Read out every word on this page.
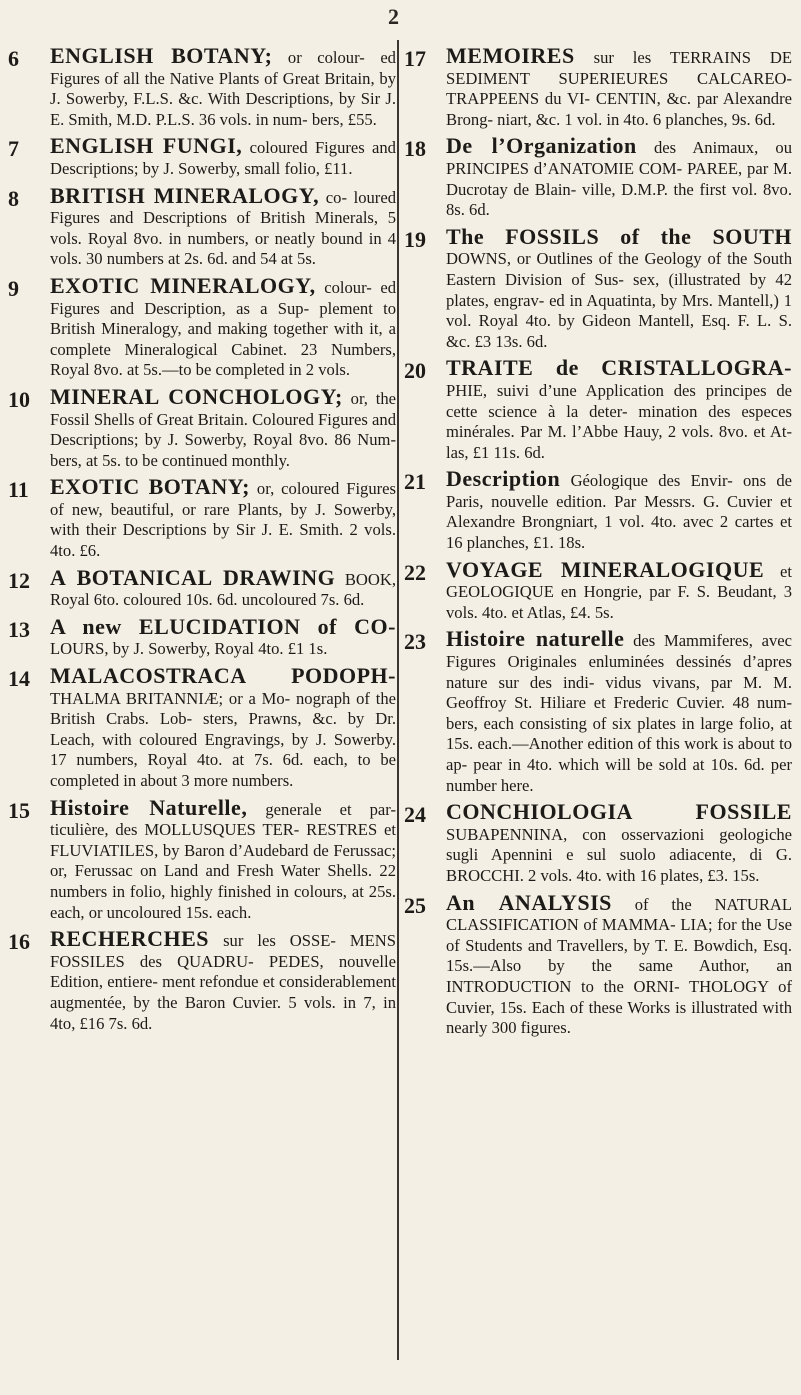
2
6	ENGLISH BOTANY; or colour- ed Figures of all the Native Plants of Great Britain, by J. Sowerby, F.L.S. &c. With Descriptions, by Sir J. E. Smith, M.D. P.L.S. 36 vols. in num- bers, £55.
7	ENGLISH FUNGI, coloured Figures and Descriptions; by J. Sowerby, small folio, £11.
8	BRITISH MINERALOGY, co- loured Figures and Descriptions of British Minerals, 5 vols. Royal 8vo. in numbers, or neatly bound in 4 vols. 30 numbers at 2s. 6d. and 54 at 5s.
9	EXOTIC MINERALOGY, colour- ed Figures and Description, as a Sup- plement to British Mineralogy, and making together with it, a complete Mineralogical Cabinet. 23 Numbers, Royal 8vo. at 5s.—to be completed in 2 vols.
10 MINERAL CONCHOLOGY; or, the Fossil Shells of Great Britain. Coloured Figures and Descriptions; by J. Sowerby, Royal 8vo. 86 Num- bers, at 5s. to be continued monthly.
11 EXOTIC BOTANY; or, coloured Figures of new, beautiful, or rare Plants, by J. Sowerby, with their Descriptions by Sir J. E. Smith. 2 vols. 4to. £6.
12 A BOTANICAL DRAWING BOOK, Royal 6to. coloured 10s. 6d. uncoloured 7s. 6d.
13 A new ELUCIDATION of CO- LOURS, by J. Sowerby, Royal 4to. £1 1s.
14 MALACOSTRACA PODOPH- THALMA BRITANNIÆ; or a Mo- nograph of the British Crabs. Lob- sters, Prawns, &c. by Dr. Leach, with coloured Engravings, by J. Sowerby. 17 numbers, Royal 4to. at 7s. 6d. each, to be completed in about 3 more numbers.
15 Histoire Naturelle, generale et par- ticulière, des MOLLUSQUES TER- RESTRES et FLUVIATILES, by Baron d’Audebard de Ferussac; or, Ferussac on Land and Fresh Water Shells. 22 numbers in folio, highly finished in colours, at 25s. each, or uncoloured 15s. each.
16 RECHERCHES sur les OSSE- MENS FOSSILES des QUADRU- PEDES, nouvelle Edition, entiere- ment refondue et considerablement augmentée, by the Baron Cuvier. 5 vols. in 7, in 4to, £16 7s. 6d.
17 MEMOIRES sur les TERRAINS DE SEDIMENT SUPERIEURES CALCAREO-TRAPPEENS du VI- CENTIN, &c. par Alexandre Brong- niart, &c. 1 vol. in 4to. 6 planches, 9s. 6d.
18 De l’Organization des Animaux, ou PRINCIPES d’ANATOMIE COM- PAREE, par M. Ducrotay de Blain- ville, D.M.P. the first vol. 8vo. 8s. 6d.
19 The FOSSILS of the SOUTH DOWNS, or Outlines of the Geology of the South Eastern Division of Sus- sex, (illustrated by 42 plates, engrav- ed in Aquatinta, by Mrs. Mantell,) 1 vol. Royal 4to. by Gideon Mantell, Esq. F. L. S. &c. £3 13s. 6d.
20 TRAITE de CRISTALLOGRA- PHIE, suivi d’une Application des principes de cette science à la deter- mination des especes minérales. Par M. l’Abbe Hauy, 2 vols. 8vo. et At- las, £1 11s. 6d.
21 Description Géologique des Envir- ons de Paris, nouvelle edition. Par Messrs. G. Cuvier et Alexandre Brongniart, 1 vol. 4to. avec 2 cartes et 16 planches, £1. 18s.
22 VOYAGE MINERALOGIQUE et GEOLOGIQUE en Hongrie, par F. S. Beudant, 3 vols. 4to. et Atlas, £4. 5s.
23 Histoire naturelle des Mammiferes, avec Figures Originales enluminées dessinés d’apres nature sur des indi- vidus vivans, par M. M. Geoffroy St. Hiliare et Frederic Cuvier. 48 num- bers, each consisting of six plates in large folio, at 15s. each.—Another edition of this work is about to ap- pear in 4to. which will be sold at 10s. 6d. per number here.
24 CONCHIOLOGIA FOSSILE SUBAPENNINA, con osservazioni geologiche sugli Apennini e sul suolo adiacente, di G. BROCCHI. 2 vols. 4to. with 16 plates, £3. 15s.
25 An ANALYSIS of the NATURAL CLASSIFICATION of MAMMA- LIA; for the Use of Students and Travellers, by T. E. Bowdich, Esq. 15s.—Also by the same Author, an INTRODUCTION to the ORNI- THOLOGY of Cuvier, 15s. Each of these Works is illustrated with nearly 300 figures.
